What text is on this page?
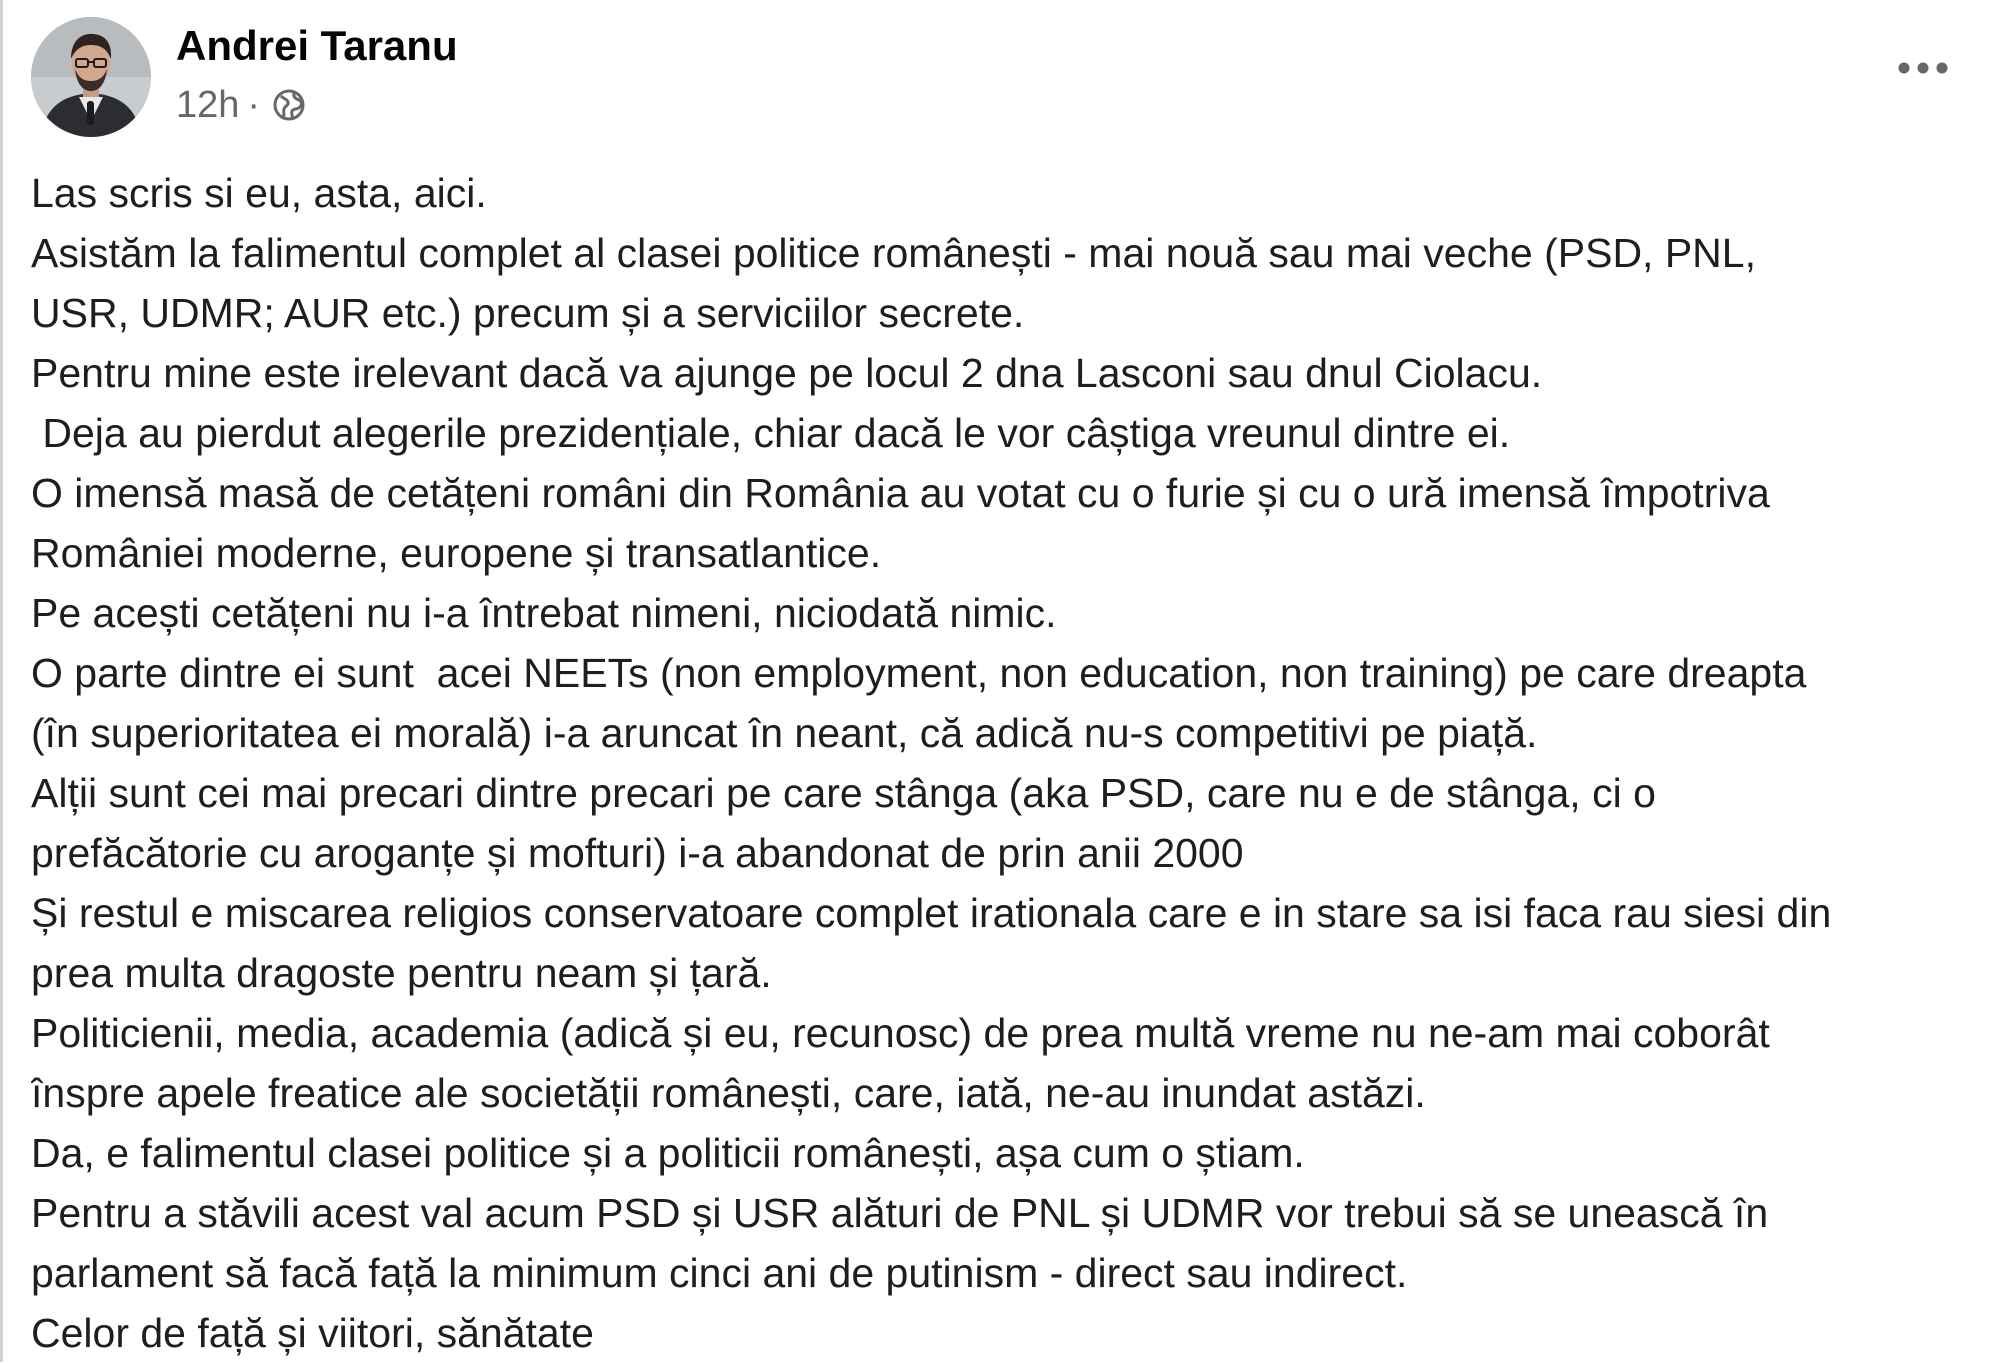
Andrei Taranu
12h ·
Las scris si eu, asta, aici.
Asistăm la falimentul complet al clasei politice românești - mai nouă sau mai veche (PSD, PNL,
USR, UDMR; AUR etc.) precum și a serviciilor secrete.
Pentru mine este irelevant dacă va ajunge pe locul 2 dna Lasconi sau dnul Ciolacu.
Deja au pierdut alegerile prezidențiale, chiar dacă le vor câștiga vreunul dintre ei.
O imensă masă de cetățeni români din România au votat cu o furie și cu o ură imensă împotriva
României moderne, europene și transatlantice.
Pe acești cetățeni nu i-a întrebat nimeni, niciodată nimic.
O parte dintre ei sunt  acei NEETs (non employment, non education, non training) pe care dreapta
(în superioritatea ei morală) i-a aruncat în neant, că adică nu-s competitivi pe piață.
Alții sunt cei mai precari dintre precari pe care stânga (aka PSD, care nu e de stânga, ci o
prefăcătorie cu aroganțe și mofturi) i-a abandonat de prin anii 2000
Și restul e miscarea religios conservatoare complet irationala care e in stare sa isi faca rau siesi din
prea multa dragoste pentru neam și țară.
Politicienii, media, academia (adică și eu, recunosc) de prea multă vreme nu ne-am mai coborât
înspre apele freatice ale societății românești, care, iată, ne-au inundat astăzi.
Da, e falimentul clasei politice și a politicii românești, așa cum o știam.
Pentru a stăvili acest val acum PSD și USR alături de PNL și UDMR vor trebui să se unească în
parlament să facă față la minimum cinci ani de putinism - direct sau indirect.
Celor de față și viitori, sănătate
